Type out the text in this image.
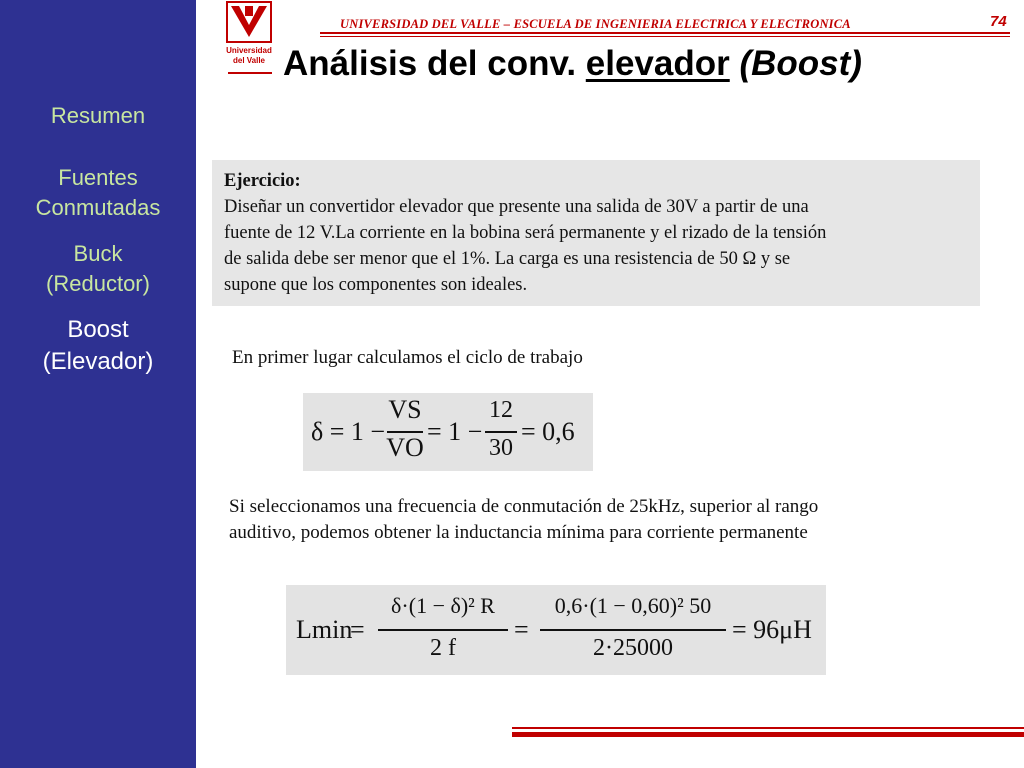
Resumen
Fuentes
Conmutadas
Buck
(Reductor)
Boost
(Elevador)
Universidad
del Valle
UNIVERSIDAD DEL VALLE – ESCUELA DE INGENIERIA ELECTRICA Y ELECTRONICA	74
Análisis del conv. elevador (Boost)
Ejercicio:
Diseñar un convertidor elevador que presente una salida de 30V a partir de una
fuente de 12 V.La corriente en la bobina será permanente y el rizado de la tensión
de salida debe ser menor que el 1%. La carga es una resistencia de 50 Ω y se
supone que los componentes son ideales.
En primer lugar calculamos el ciclo de trabajo
δ = 1 −
VS
VO
= 1 −
12
30
= 0,6
Si seleccionamos una frecuencia de conmutación de 25kHz, superior al rango
auditivo, podemos obtener la inductancia mínima para corriente permanente
Lmin
=
δ·(1 − δ)² R
2 f
=
0,6·(1 − 0,60)² 50
2·25000
= 96μH
